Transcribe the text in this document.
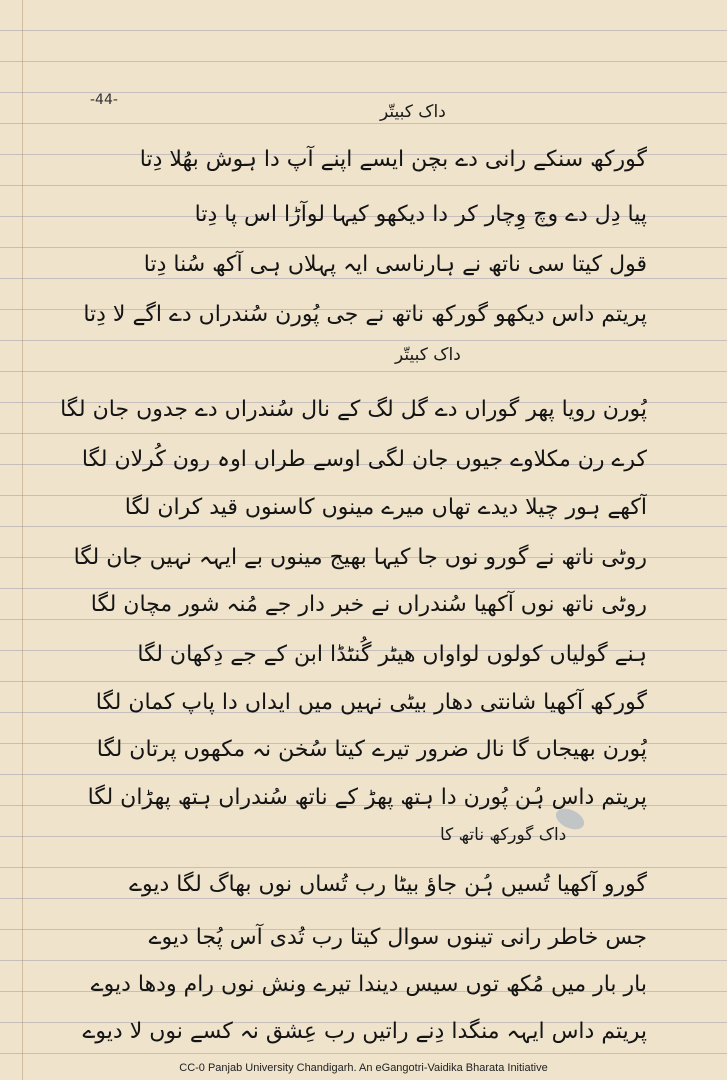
-44-
داک کبیتّر
گورکھ سنکے رانی دے بچن ایسے اپنے آپ دا ہوش بھُلا دِتا
پیا دِل دے وچ وِچار کر دا دیکھو کیہا لوآڑا اس پا دِتا
قول کیتا سی ناتھ نے ہارناسی ایہ پہلاں ہی آکھ سُنا دِتا
پریتم داس دیکھو گورکھ ناتھ نے جی پُورن سُندراں دے اگے لا دِتا
داک کبیتّر
پُورن رویا پھر گوراں دے گل لگ کے نال سُندراں دے جدوں جان لگا
کرے رن مکلاوے جیوں جان لگی اوسے طراں اوہ رون کُرلان لگا
آکھے ہور چیلا دیدے تھاں میرے مینوں کاسنوں قید کران لگا
روٹی ناتھ نے گورو نوں جا کیہا بھیج مینوں بے ایہہ نہیں جان لگا
روٹی ناتھ نوں آکھیا سُندراں نے خبر دار جے مُنہ شور مچان لگا
ہنے گولیاں کولوں لواواں ھیٹر گُنٹڈا ابن کے جے دِکھان لگا
گورکھ آکھیا شانتی دھار بیٹی نہیں میں ایداں دا پاپ کمان لگا
پُورن بھیجاں گا نال ضرور تیرے کیتا سُخن نہ مکھوں پرتان لگا
پریتم داس ہُن پُورن دا ہتھ پھڑ کے ناتھ سُندراں ہتھ پھڑان لگا
داک گورکھ ناتھ کا
گورو آکھیا تُسیں ہُن جاؤ بیٹا رب تُساں نوں بھاگ لگا دیوے
جس خاطر رانی تینوں سوال کیتا رب تُدی آس پُجا دیوے
بار بار میں مُکھ توں سیس دیندا تیرے ونش نوں رام ودھا دیوے
پریتم داس ایہہ منگدا دِنے راتیں رب عِشق نہ کسے نوں لا دیوے
CC-0 Panjab University Chandigarh. An eGangotri-Vaidika Bharata Initiative
